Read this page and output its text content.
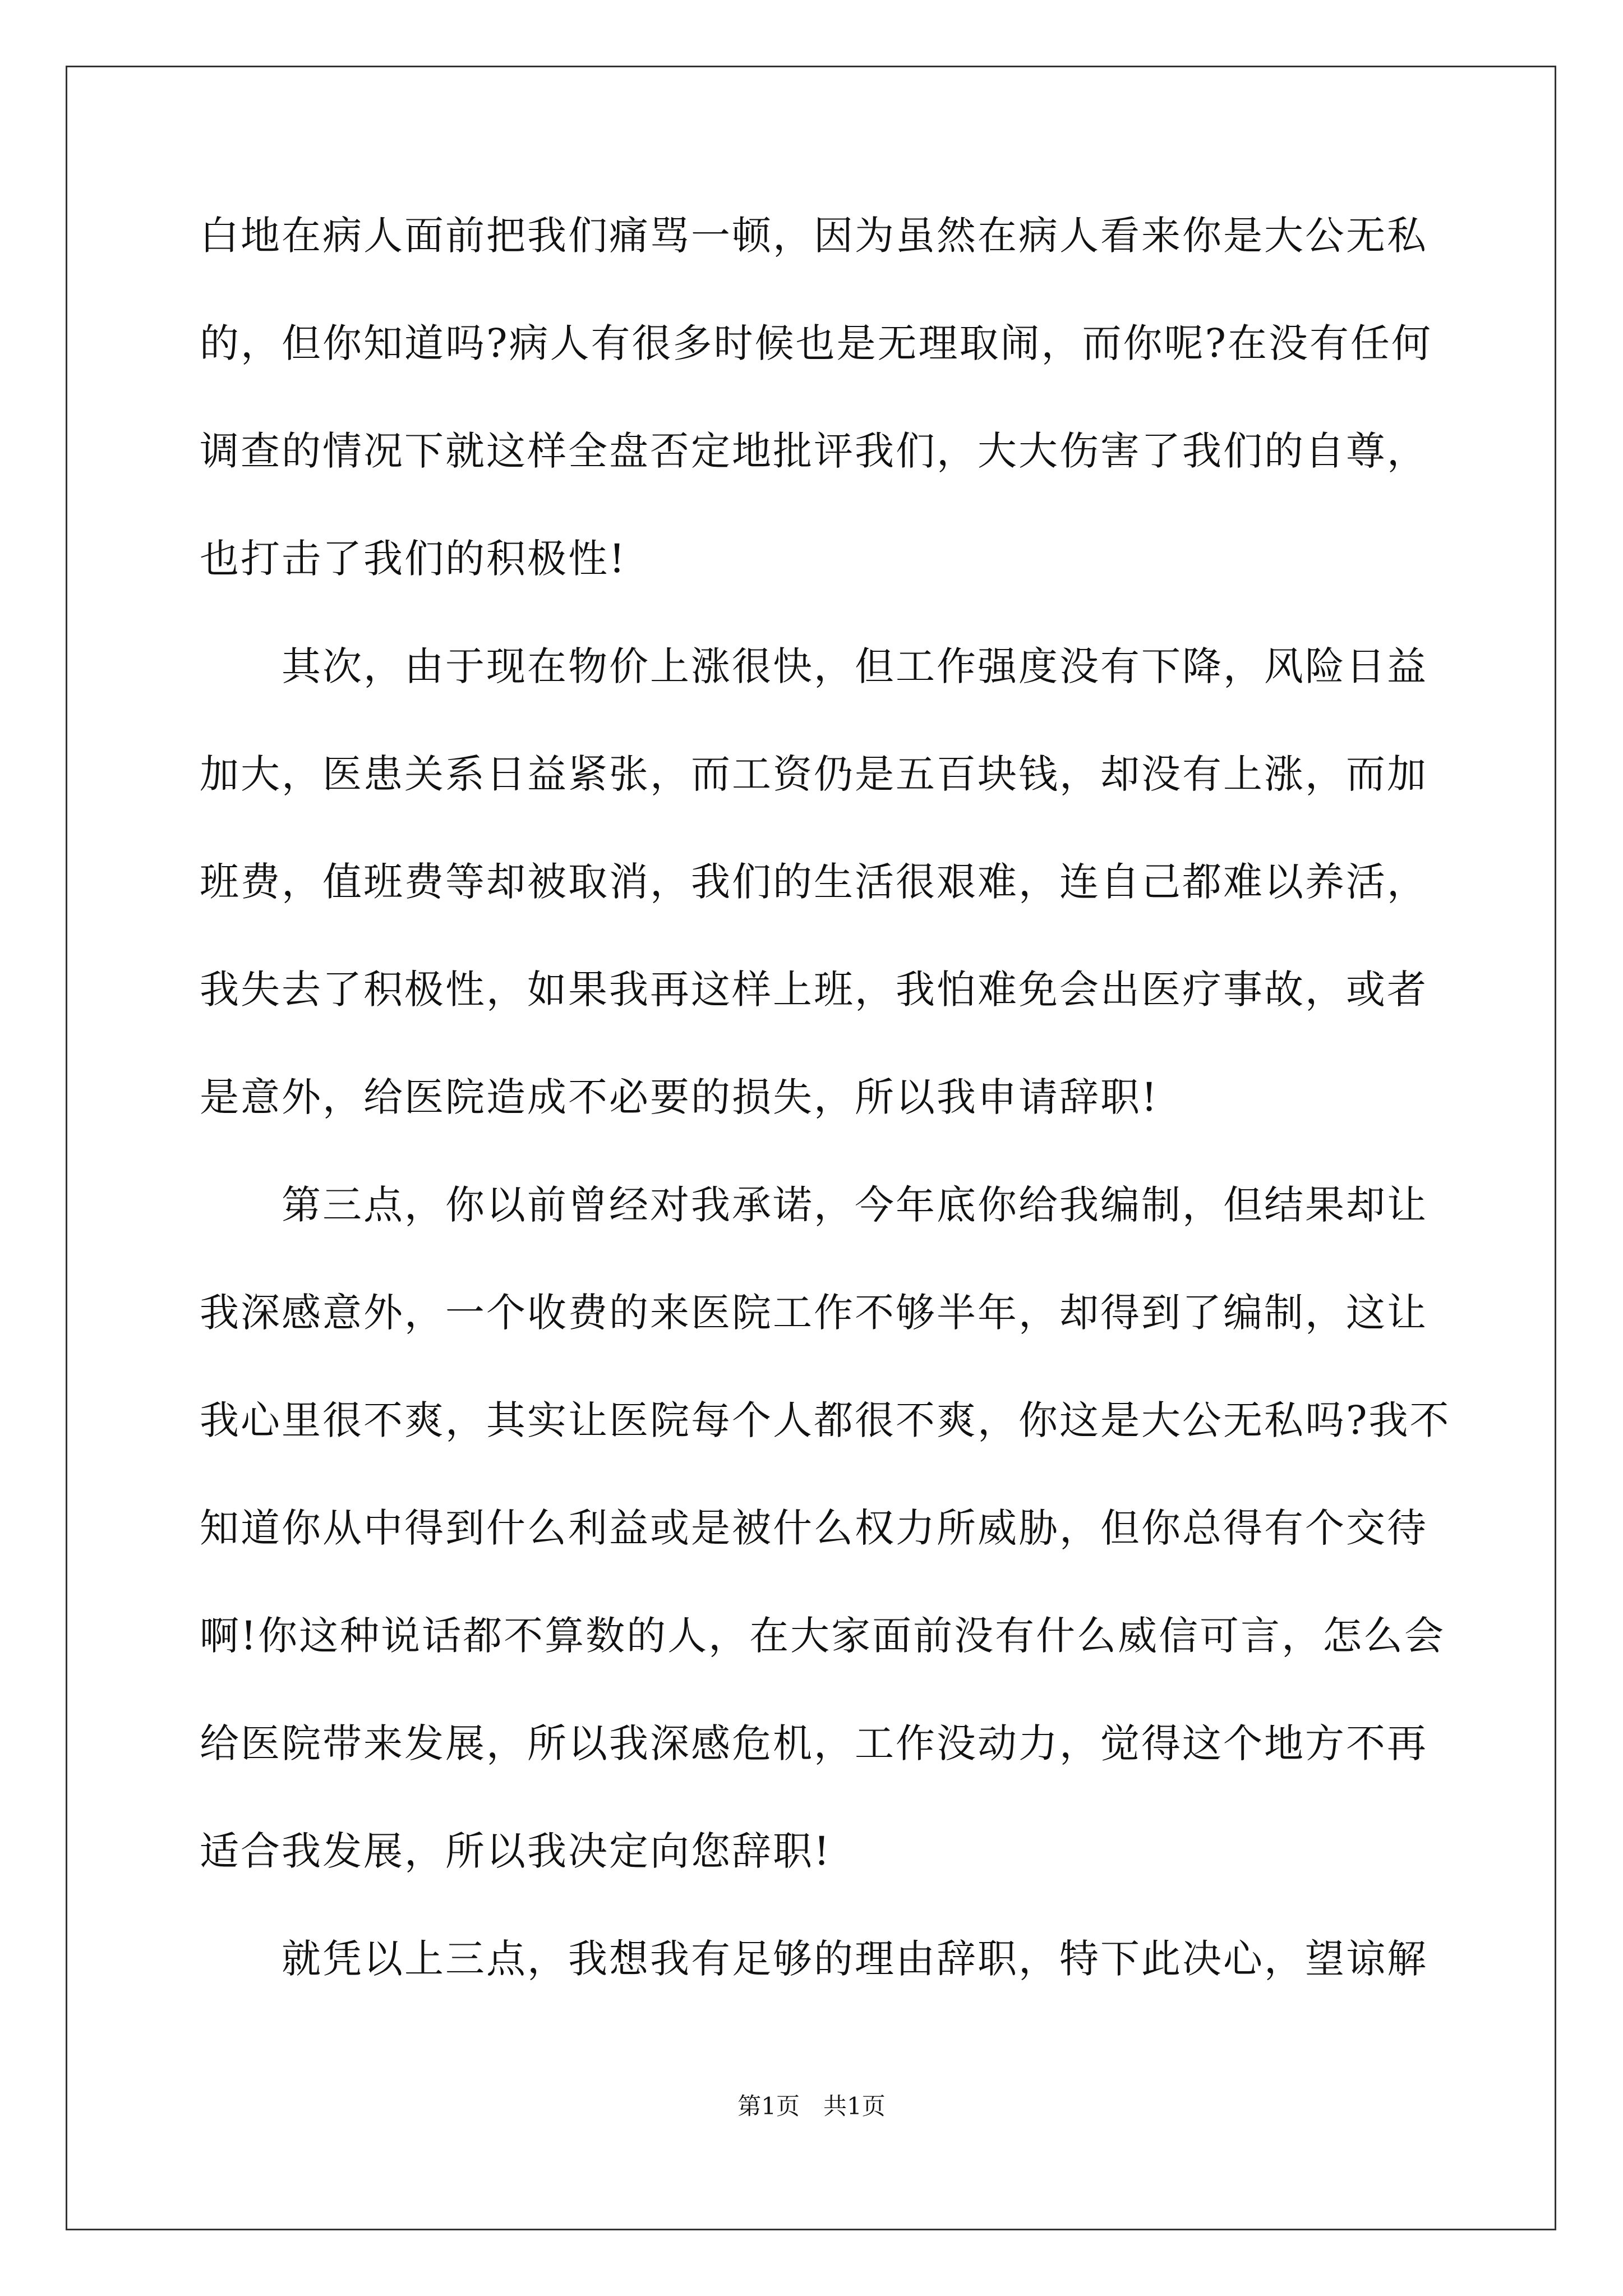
白地在病人面前把我们痛骂一顿，因为虽然在病人看来你是大公无私
的，但你知道吗?病人有很多时候也是无理取闹，而你呢?在没有任何
调查的情况下就这样全盘否定地批评我们，大大伤害了我们的自尊，
也打击了我们的积极性!
　　其次，由于现在物价上涨很快，但工作强度没有下降，风险日益
加大，医患关系日益紧张，而工资仍是五百块钱，却没有上涨，而加
班费，值班费等却被取消，我们的生活很艰难，连自己都难以养活，
我失去了积极性，如果我再这样上班，我怕难免会出医疗事故，或者
是意外，给医院造成不必要的损失，所以我申请辞职!
　　第三点，你以前曾经对我承诺，今年底你给我编制，但结果却让
我深感意外，一个收费的来医院工作不够半年，却得到了编制，这让
我心里很不爽，其实让医院每个人都很不爽，你这是大公无私吗?我不
知道你从中得到什么利益或是被什么权力所威胁，但你总得有个交待
啊!你这种说话都不算数的人，在大家面前没有什么威信可言，怎么会
给医院带来发展，所以我深感危机，工作没动力，觉得这个地方不再
适合我发展，所以我决定向您辞职!
　　就凭以上三点，我想我有足够的理由辞职，特下此决心，望谅解
第1页　共1页
